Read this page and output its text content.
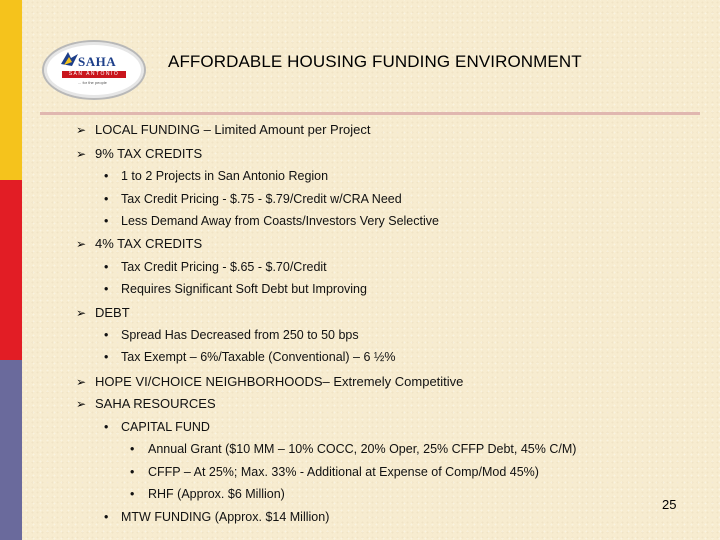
SAHA
SAN ANTONIO
... for the people
AFFORDABLE HOUSING FUNDING ENVIRONMENT
➢ LOCAL FUNDING – Limited Amount per Project
➢ 9% TAX CREDITS
• 1 to 2 Projects in San Antonio Region
• Tax Credit Pricing - $.75 - $.79/Credit w/CRA Need
• Less Demand Away from Coasts/Investors Very Selective
➢ 4% TAX CREDITS
• Tax Credit Pricing - $.65 - $.70/Credit
• Requires Significant Soft Debt but Improving
➢ DEBT
• Spread Has Decreased from 250 to 50 bps
• Tax Exempt – 6%/Taxable (Conventional) – 6 ½%
➢ HOPE VI/CHOICE NEIGHBORHOODS– Extremely Competitive
➢ SAHA RESOURCES
• CAPITAL FUND
• Annual Grant ($10 MM – 10% COCC, 20% Oper, 25% CFFP Debt, 45% C/M)
• CFFP – At 25%; Max. 33% - Additional at Expense of Comp/Mod 45%)
• RHF (Approx. $6 Million)
• MTW FUNDING (Approx. $14 Million)
25
